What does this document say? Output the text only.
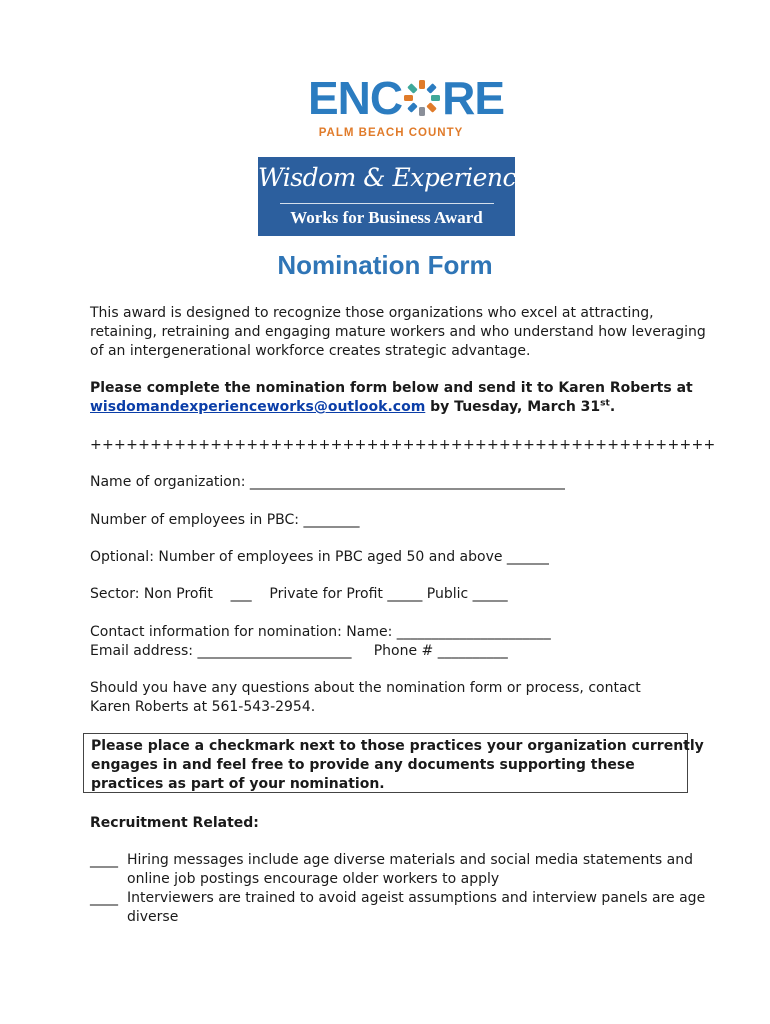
ENC RE
PALM BEACH COUNTY
Wisdom & Experience
Works for Business Award
Nomination Form
This award is designed to recognize those organizations who excel at attracting,
retaining, retraining and engaging mature workers and who understand how leveraging
of an intergenerational workforce creates strategic advantage.
Please complete the nomination form below and send it to Karen Roberts at
wisdomandexperienceworks@outlook.com by Tuesday, March 31st.
++++++++++++++++++++++++++++++++++++++++++++++++++++
Name of organization: _____________________________________________
Number of employees in PBC: ________
Optional: Number of employees in PBC aged 50 and above ______
Sector: Non Profit    ___    Private for Profit _____ Public _____
Contact information for nomination: Name: ______________________
Email address: ______________________     Phone # __________
Should you have any questions about the nomination form or process, contact
Karen Roberts at 561-543-2954.
Please place a checkmark next to those practices your organization currently
engages in and feel free to provide any documents supporting these
practices as part of your nomination.
Recruitment Related:
____ Hiring messages include age diverse materials and social media statements and
online job postings encourage older workers to apply
____ Interviewers are trained to avoid ageist assumptions and interview panels are age
diverse
